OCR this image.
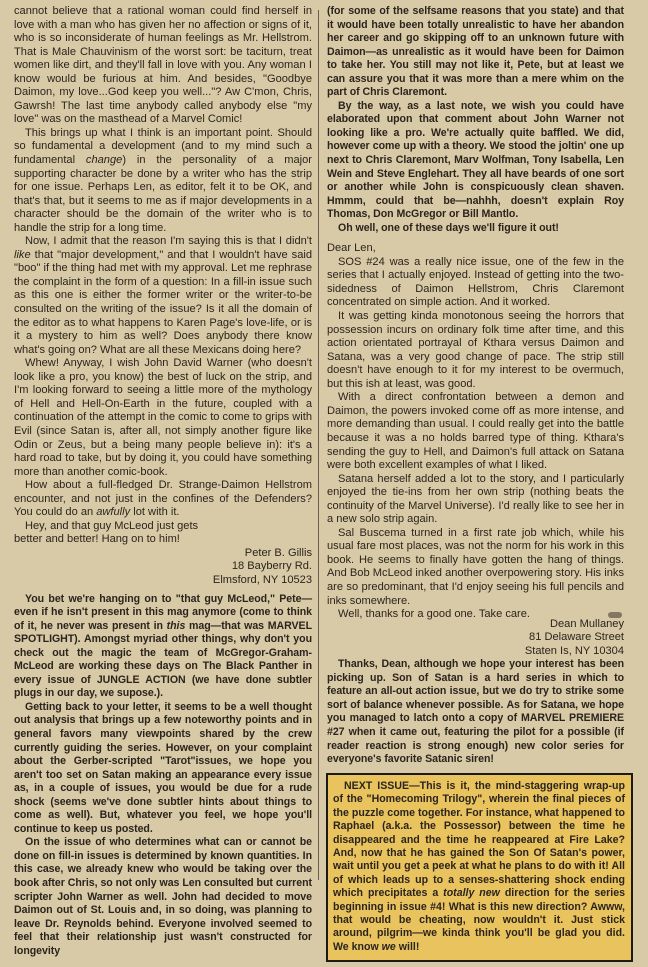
cannot believe that a rational woman could find herself in love with a man who has given her no affection or signs of it, who is so inconsiderate of human feelings as Mr. Hellstrom. That is Male Chauvinism of the worst sort: be taciturn, treat women like dirt, and they'll fall in love with you. Any woman I know would be furious at him. And besides, "Goodbye Daimon, my love...God keep you well..."? Aw C'mon, Chris, Gawrsh! The last time anybody called anybody else "my love" was on the masthead of a Marvel Comic!

This brings up what I think is an important point. Should so fundamental a development (and to my mind such a fundamental change) in the personality of a major supporting character be done by a writer who has the strip for one issue. Perhaps Len, as editor, felt it to be OK, and that's that, but it seems to me as if major developments in a character should be the domain of the writer who is to handle the strip for a long time.

Now, I admit that the reason I'm saying this is that I didn't like that "major development," and that I wouldn't have said "boo" if the thing had met with my approval. Let me rephrase the complaint in the form of a question: In a fill-in issue such as this one is either the former writer or the writer-to-be consulted on the writing of the issue? Is it all the domain of the editor as to what happens to Karen Page's love-life, or is it a mystery to him as well? Does anybody there know what's going on? What are all these Mexicans doing here?

Whew! Anyway, I wish John David Warner (who doesn't look like a pro, you know) the best of luck on the strip, and I'm looking forward to seeing a little more of the mythology of Hell and Hell-On-Earth in the future, coupled with a continuation of the attempt in the comic to come to grips with Evil (since Satan is, after all, not simply another figure like Odin or Zeus, but a being many people believe in): it's a hard road to take, but by doing it, you could have something more than another comic-book.

How about a full-fledged Dr. Strange-Daimon Hellstrom encounter, and not just in the confines of the Defenders? You could do an awfully lot with it.

Hey, and that guy McLeod just gets better and better! Hang on to him!

Peter B. Gillis
18 Bayberry Rd.
Elmsford, NY 10523

You bet we're hanging on to "that guy McLeod," Pete—even if he isn't present in this mag anymore (come to think of it, he never was present in this mag—that was MARVEL SPOTLIGHT). Amongst myriad other things, why don't you check out the magic the team of McGregor-Graham-McLeod are working these days on The Black Panther in every issue of JUNGLE ACTION (we have done subtler plugs in our day, we supose.).

Getting back to your letter, it seems to be a well thought out analysis that brings up a few noteworthy points and in general favors many viewpoints shared by the crew currently guiding the series. However, on your complaint about the Gerber-scripted "Tarot"issues, we hope you aren't too set on Satan making an appearance every issue as, in a couple of issues, you would be due for a rude shock (seems we've done subtler hints about things to come as well). But, whatever you feel, we hope you'll continue to keep us posted.

On the issue of who determines what can or cannot be done on fill-in issues is determined by known quantities. In this case, we already knew who would be taking over the book after Chris, so not only was Len consulted but current scripter John Warner as well. John had decided to move Daimon out of St. Louis and, in so doing, was planning to leave Dr. Reynolds behind. Everyone involved seemed to feel that their relationship just wasn't constructed for longevity

(for some of the selfsame reasons that you state) and that it would have been totally unrealistic to have her abandon her career and go skipping off to an unknown future with Daimon—as unrealistic as it would have been for Daimon to take her. You still may not like it, Pete, but at least we can assure you that it was more than a mere whim on the part of Chris Claremont.

By the way, as a last note, we wish you could have elaborated upon that comment about John Warner not looking like a pro. We're actually quite baffled. We did, however come up with a theory. We stood the joltin' one up next to Chris Claremont, Marv Wolfman, Tony Isabella, Len Wein and Steve Englehart. They all have beards of one sort or another while John is conspicuously clean shaven. Hmmm, could that be—nahhh, doesn't explain Roy Thomas, Don McGregor or Bill Mantlo.

Oh well, one of these days we'll figure it out!

Dear Len,

SOS #24 was a really nice issue, one of the few in the series that I actually enjoyed. Instead of getting into the two-sidedness of Daimon Hellstrom, Chris Claremont concentrated on simple action. And it worked.

It was getting kinda monotonous seeing the horrors that possession incurs on ordinary folk time after time, and this action orientated portrayal of Kthara versus Daimon and Satana, was a very good change of pace. The strip still doesn't have enough to it for my interest to be overmuch, but this ish at least, was good.

With a direct confrontation between a demon and Daimon, the powers invoked come off as more intense, and more demanding than usual. I could really get into the battle because it was a no holds barred type of thing. Kthara's sending the guy to Hell, and Daimon's full attack on Satana were both excellent examples of what I liked.

Satana herself added a lot to the story, and I particularly enjoyed the tie-ins from her own strip (nothing beats the continuity of the Marvel Universe). I'd really like to see her in a new solo strip again.

Sal Buscema turned in a first rate job which, while his usual fare most places, was not the norm for his work in this book. He seems to finally have gotten the hang of things. And Bob McLeod inked another overpowering story. His inks are so predominant, that I'd enjoy seeing his full pencils and inks somewhere.

Well, thanks for a good one. Take care.

Dean Mullaney
81 Delaware Street
Staten Is, NY 10304

Thanks, Dean, although we hope your interest has been picking up. Son of Satan is a hard series in which to feature an all-out action issue, but we do try to strike some sort of balance whenever possible. As for Satana, we hope you managed to latch onto a copy of MARVEL PREMIERE #27 when it came out, featuring the pilot for a possible (if reader reaction is strong enough) new color series for everyone's favorite Satanic siren!

NEXT ISSUE—This is it, the mind-staggering wrap-up of the "Homecoming Trilogy", wherein the final pieces of the puzzle come together. For instance, what happened to Raphael (a.k.a. the Possessor) between the time he disappeared and the time he reappeared at Fire Lake? And, now that he has gained the Son Of Satan's power, wait until you get a peek at what he plans to do with it! All of which leads up to a senses-shattering shock ending which precipitates a totally new direction for the series beginning in issue #4! What is this new direction? Awww, that would be cheating, now wouldn't it. Just stick around, pilgrim—we kinda think you'll be glad you did. We know we will!
